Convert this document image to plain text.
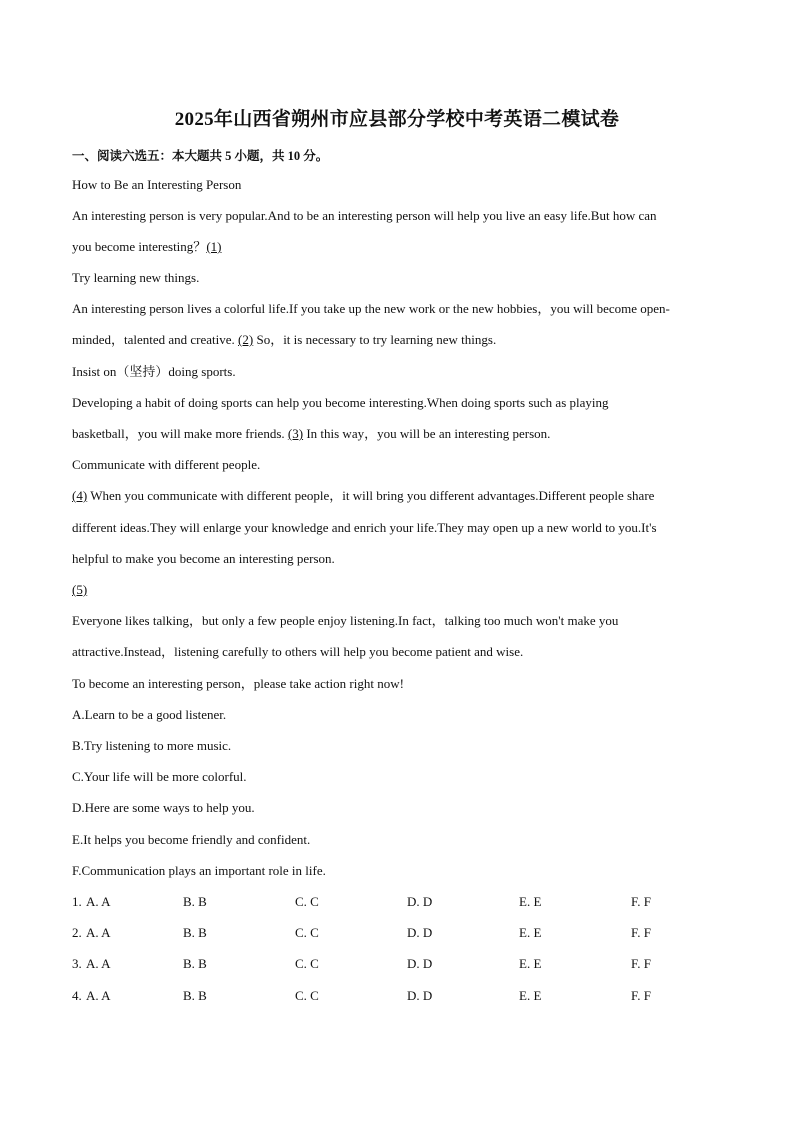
2025年山西省朔州市应县部分学校中考英语二模试卷
一、阅读六选五：本大题共 5 小题，共 10 分。
How to Be an Interesting Person
An interesting person is very popular.And to be an interesting person will help you live an easy life.But how can
you become interesting？(1)
Try learning new things.
An interesting person lives a colorful life.If you take up the new work or the new hobbies，you will become open-
minded，talented and creative. (2) So，it is necessary to try learning new things.
Insist on（坚持）doing sports.
Developing a habit of doing sports can help you become interesting.When doing sports such as playing
basketball，you will make more friends. (3) In this way，you will be an interesting person.
Communicate with different people.
(4) When you communicate with different people，it will bring you different advantages.Different people share
different ideas.They will enlarge your knowledge and enrich your life.They may open up a new world to you.It's
helpful to make you become an interesting person.
(5)
Everyone likes talking，but only a few people enjoy listening.In fact，talking too much won't make you
attractive.Instead，listening carefully to others will help you become patient and wise.
To become an interesting person，please take action right now!
A.Learn to be a good listener.
B.Try listening to more music.
C.Your life will be more colorful.
D.Here are some ways to help you.
E.It helps you become friendly and confident.
F.Communication plays an important role in life.
1. A. A	B. B	C. C	D. D	E. E	F. F
2. A. A	B. B	C. C	D. D	E. E	F. F
3. A. A	B. B	C. C	D. D	E. E	F. F
4. A. A	B. B	C. C	D. D	E. E	F. F
